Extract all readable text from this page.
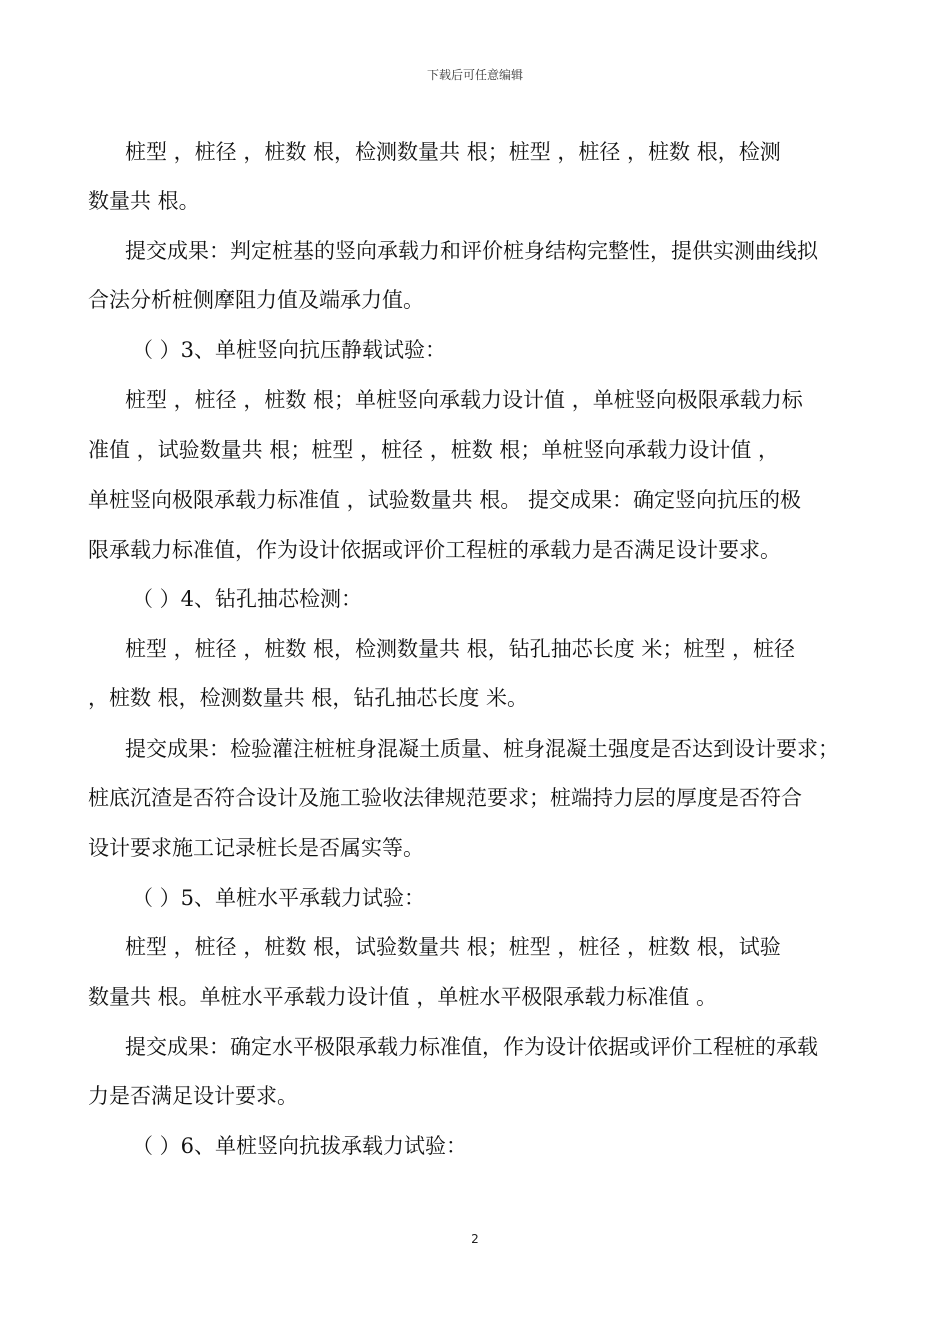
下载后可任意编辑
桩型 ，桩径 ，桩数 根，检测数量共 根；桩型 ，桩径 ，桩数 根，检测
数量共 根。
提交成果：判定桩基的竖向承载力和评价桩身结构完整性，提供实测曲线拟
合法分析桩侧摩阻力值及端承力值。
（ ）3、单桩竖向抗压静载试验：
桩型 ，桩径 ，桩数 根；单桩竖向承载力设计值 ，单桩竖向极限承载力标
准值 ，试验数量共 根；桩型 ，桩径 ，桩数 根；单桩竖向承载力设计值 ，
单桩竖向极限承载力标准值 ，试验数量共 根。 提交成果：确定竖向抗压的极
限承载力标准值，作为设计依据或评价工程桩的承载力是否满足设计要求。
（ ）4、钻孔抽芯检测：
桩型 ，桩径 ，桩数 根，检测数量共 根，钻孔抽芯长度 米；桩型 ，桩径
，桩数 根，检测数量共 根，钻孔抽芯长度 米。
提交成果：检验灌注桩桩身混凝土质量、桩身混凝土强度是否达到设计要求；
桩底沉渣是否符合设计及施工验收法律规范要求；桩端持力层的厚度是否符合
设计要求施工记录桩长是否属实等。
（ ）5、单桩水平承载力试验：
桩型 ，桩径 ，桩数 根，试验数量共 根；桩型 ，桩径 ，桩数 根，试验
数量共 根。单桩水平承载力设计值 ，单桩水平极限承载力标准值 。
提交成果：确定水平极限承载力标准值，作为设计依据或评价工程桩的承载
力是否满足设计要求。
（ ）6、单桩竖向抗拔承载力试验：
2
